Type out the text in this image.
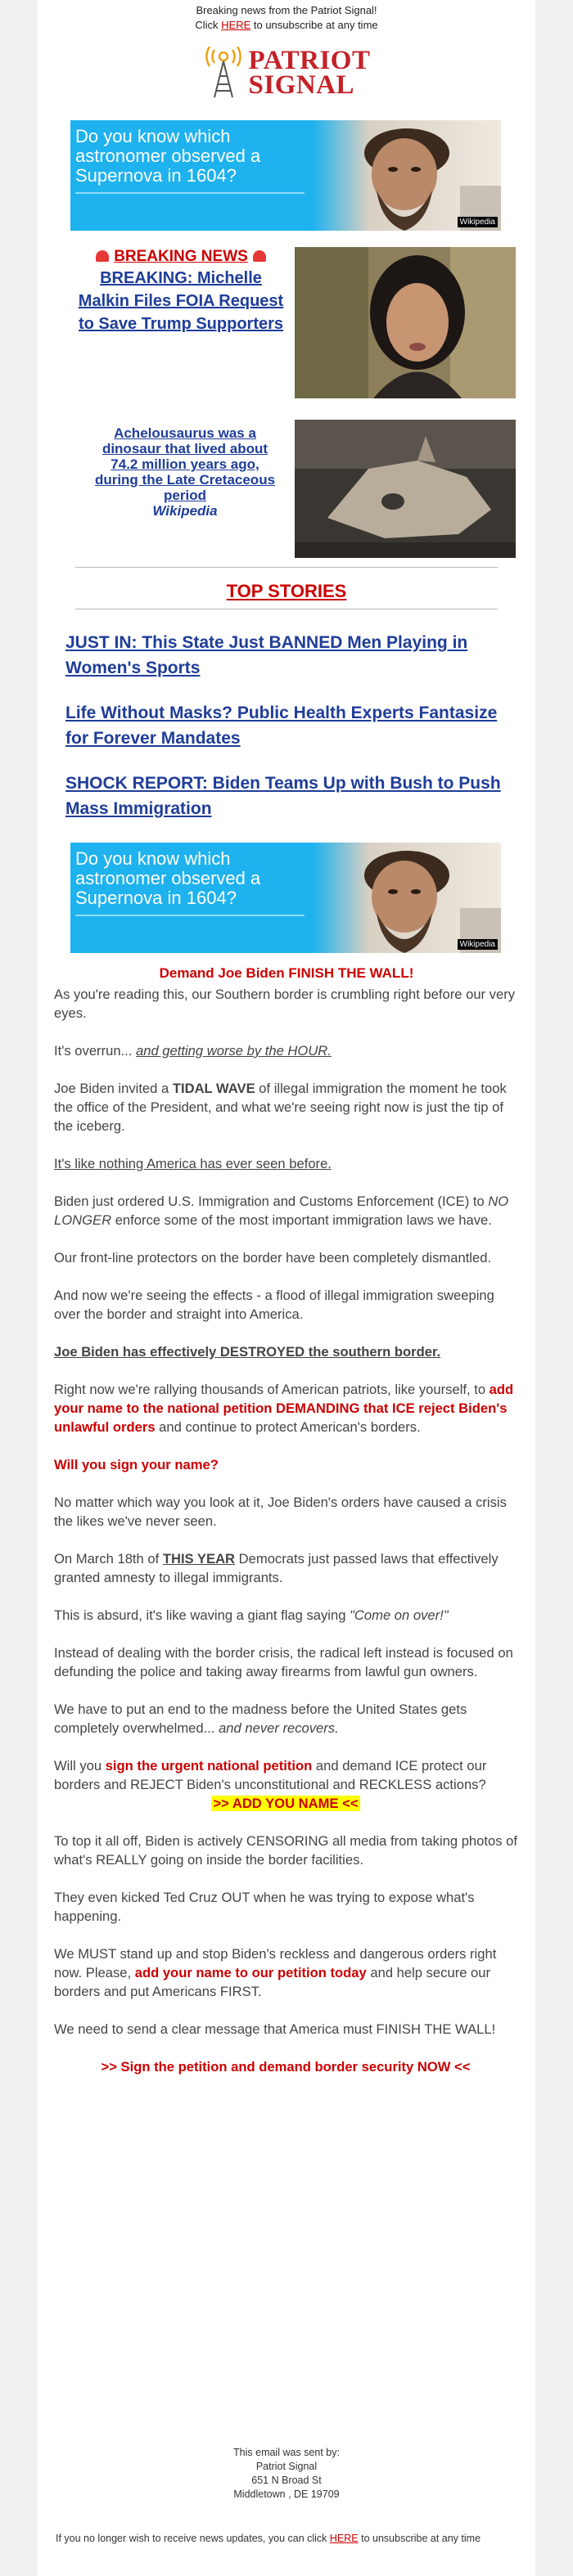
Breaking news from the Patriot Signal!
Click HERE to unsubscribe at any time
PATRIOT
SIGNAL
Do you know which astronomer observed a Supernova in 1604?
Wikipedia
BREAKING NEWS
BREAKING: Michelle Malkin Files FOIA Request to Save Trump Supporters
Achelousaurus was a dinosaur that lived about 74.2 million years ago, during the Late Cretaceous period
Wikipedia
TOP STORIES
JUST IN: This State Just BANNED Men Playing in Women's Sports
Life Without Masks? Public Health Experts Fantasize for Forever Mandates
SHOCK REPORT: Biden Teams Up with Bush to Push Mass Immigration
Do you know which astronomer observed a Supernova in 1604?
Wikipedia
Demand Joe Biden FINISH THE WALL!

As you're reading this, our Southern border is crumbling right before our very eyes.

It's overrun... and getting worse by the HOUR.

Joe Biden invited a TIDAL WAVE of illegal immigration the moment he took the office of the President, and what we're seeing right now is just the tip of the iceberg.

It's like nothing America has ever seen before.

Biden just ordered U.S. Immigration and Customs Enforcement (ICE) to NO LONGER enforce some of the most important immigration laws we have.

Our front-line protectors on the border have been completely dismantled.

And now we're seeing the effects - a flood of illegal immigration sweeping over the border and straight into America.

Joe Biden has effectively DESTROYED the southern border.

Right now we're rallying thousands of American patriots, like yourself, to add your name to the national petition DEMANDING that ICE reject Biden's unlawful orders and continue to protect American's borders.

Will you sign your name?

No matter which way you look at it, Joe Biden's orders have caused a crisis the likes we've never seen.

On March 18th of THIS YEAR Democrats just passed laws that effectively granted amnesty to illegal immigrants.

This is absurd, it's like waving a giant flag saying "Come on over!"

Instead of dealing with the border crisis, the radical left instead is focused on defunding the police and taking away firearms from lawful gun owners.

We have to put an end to the madness before the United States gets completely overwhelmed... and never recovers.

Will you sign the urgent national petition and demand ICE protect our borders and REJECT Biden's unconstitutional and RECKLESS actions?

>> ADD YOU NAME <<

To top it all off, Biden is actively CENSORING all media from taking photos of what's REALLY going on inside the border facilities.

They even kicked Ted Cruz OUT when he was trying to expose what's happening.

We MUST stand up and stop Biden's reckless and dangerous orders right now. Please, add your name to our petition today and help secure our borders and put Americans FIRST.

We need to send a clear message that America must FINISH THE WALL!

>> Sign the petition and demand border security NOW <<

This email was sent by:
Patriot Signal
651 N Broad St
Middletown , DE 19709
If you no longer wish to receive news updates, you can click HERE to unsubscribe at any time
